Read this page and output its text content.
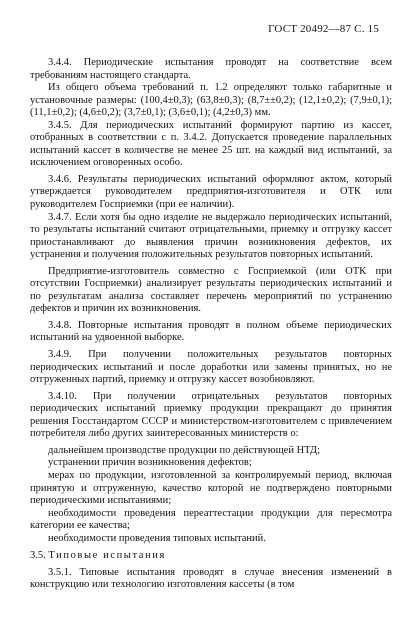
ГОСТ 20492—87 С. 15

3.4.4. Периодические испытания проводят на соответствие всем требованиям настоящего стандарта.

Из общего объема требований п. 1.2 определяют только габаритные и установочные размеры: (100,4±0,3); (63,8±0,3); (8,7±±0,2); (12,1±0,2); (7,9±0,1); (11,1±0,2); (4,6±0,2); (3,7±0,1); (3,6±0,1); (4,2±0,3) мм.

3.4.5. Для периодических испытаний формируют партию из кассет, отобранных в соответствии с п. 3.4.2. Допускается проведение параллельных испытаний кассет в количестве не менее 25 шт. на каждый вид испытаний, за исключением оговоренных особо.

3.4.6. Результаты периодических испытаний оформляют актом, который утверждается руководителем предприятия-изготовителя и ОТК или руководителем Госприемки (при ее наличии).

3.4.7. Если хотя бы одно изделие не выдержало периодических испытаний, то результаты испытаний считают отрицательными, приемку и отгрузку кассет приостанавливают до выявления причин возникновения дефектов, их устранения и получения положительных результатов повторных испытаний.

Предприятие-изготовитель совместно с Госприемкой (или ОТК при отсутствии Госприемки) анализирует результаты периодических испытаний и по результатам анализа составляет перечень мероприятий по устранению дефектов и причин их возникновения.

3.4.8. Повторные испытания проводят в полном объеме периодических испытаний на удвоенной выборке.

3.4.9. При получении положительных результатов повторных периодических испытаний и после доработки или замены принятых, но не отгруженных партий, приемку и отгрузку кассет возобновляют.

3.4.10. При получении отрицательных результатов повторных периодических испытаний приемку продукции прекращают до принятия решения Госстандартом СССР и министерством-изготовителем с привлечением потребителя либо других заинтересованных министерств о:

дальнейшем производстве продукции по действующей НТД;

устранении причин возникновения дефектов;

мерах по продукции, изготовленной за контролируемый период, включая принятую и отгруженную, качество которой не подтверждено повторными периодическими испытаниями;

необходимости проведения переаттестации продукции для пересмотра категории ее качества;

необходимости проведения типовых испытаний.

3.5. Типовые испытания

3.5.1. Типовые испытания проводят в случае внесения изменений в конструкцию или технологию изготовления кассеты (в том
